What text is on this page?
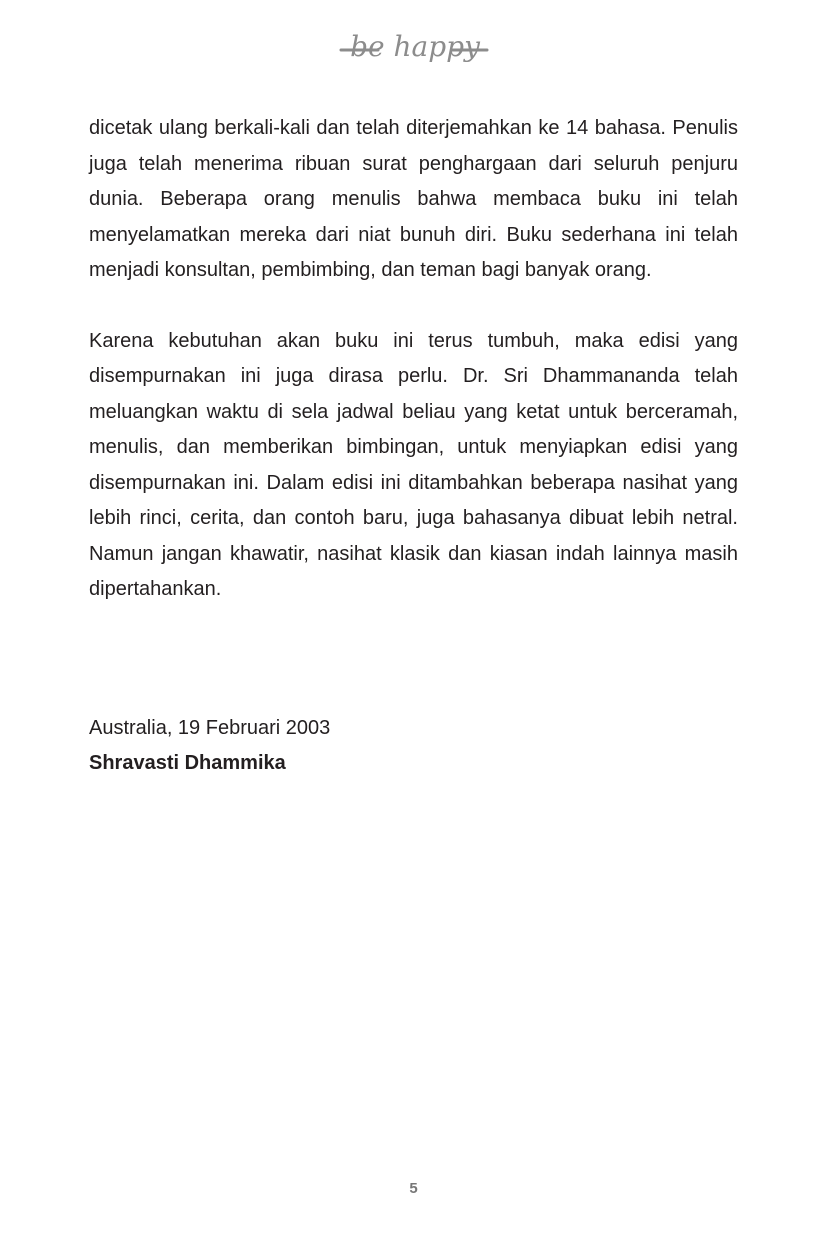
be happy

dicetak ulang berkali-kali dan telah diterjemahkan ke 14 bahasa. Penulis juga telah menerima ribuan surat penghargaan dari seluruh penjuru dunia. Beberapa orang menulis bahwa membaca buku ini telah menyelamatkan mereka dari niat bunuh diri. Buku sederhana ini telah menjadi konsultan, pembimbing, dan teman bagi banyak orang.

Karena kebutuhan akan buku ini terus tumbuh, maka edisi yang disempurnakan ini juga dirasa perlu. Dr. Sri Dhammananda telah meluangkan waktu di sela jadwal beliau yang ketat untuk berceramah, menulis, dan memberikan bimbingan, untuk menyiapkan edisi yang disempurnakan ini. Dalam edisi ini ditambahkan beberapa nasihat yang lebih rinci, cerita, dan contoh baru, juga bahasanya dibuat lebih netral. Namun jangan khawatir, nasihat klasik dan kiasan indah lainnya masih dipertahankan.

Australia, 19 Februari 2003
Shravasti Dhammika
5
